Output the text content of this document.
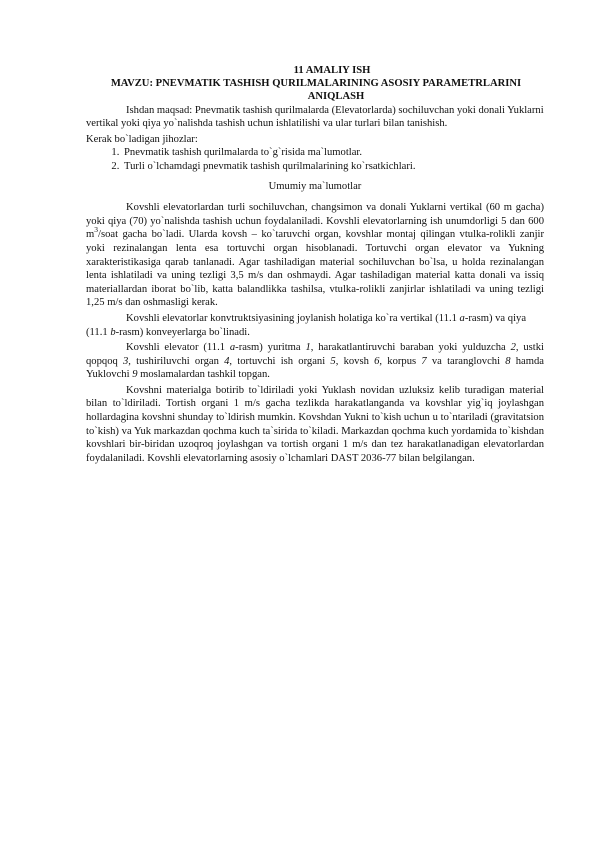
11 AMALIY ISH
MAVZU: PNEVMATIK TASHISH QURILMALARINING ASOSIY PARAMETRLARINI
ANIQLASH

Ishdan maqsad: Pnevmatik tashish qurilmalarda (Elevatorlarda) sochiluvchan yoki donali Yuklarni vertikal yoki qiya yo`nalishda tashish uchun ishlatilishi va ular turlari bilan tanishish.

Kerak bo`ladigan jihozlar:

1. Pnevmatik tashish qurilmalarda to`g`risida ma`lumotlar.
2. Turli o`lchamdagi pnevmatik tashish qurilmalarining ko`rsatkichlari.

Umumiy ma`lumotlar

Kovshli elevatorlardan turli sochiluvchan, changsimon va donali Yuklarni vertikal (60 m gacha) yoki qiya (70) yo`nalishda tashish uchun foydalaniladi. Kovshli elevatorlarning ish unumdorligi 5 dan 600 $m^3$/soat gacha bo`ladi. Ularda kovsh – ko`taruvchi organ, kovshlar montaj qilingan vtulka-rolikli zanjir yoki rezinalangan lenta esa tortuvchi organ hisoblanadi. Tortuvchi organ elevator va Yukning xarakteristikasiga qarab tanlanadi. Agar tashiladigan material sochiluvchan bo`lsa, u holda rezinalangan lenta ishlatiladi va uning tezligi 3,5 m/s dan oshmaydi. Agar tashiladigan material katta donali va issiq materiallardan iborat bo`lib, katta balandlikka tashilsa, vtulka-rolikli zanjirlar ishlatiladi va uning tezligi 1,25 m/s dan oshmasligi kerak.

Kovshli elevatorlar konvtruktsiyasining joylanish holatiga ko`ra vertikal (11.1 a-rasm) va qiya (11.1 b-rasm) konveyerlarga bo`linadi.

Kovshli elevator (11.1 a-rasm) yuritma 1, harakatlantiruvchi baraban yoki yulduzcha 2, ustki qopqoq 3, tushiriluvchi organ 4, tortuvchi ish organi 5, kovsh 6, korpus 7 va taranglovchi 8 hamda Yuklovchi 9 moslamalardan tashkil topgan.

Kovshni materialga botirib to`ldiriladi yoki Yuklash novidan uzluksiz kelib turadigan material bilan to`ldiriladi. Tortish organi 1 m/s gacha tezlikda harakatlanganda va kovshlar yig`iq joylashgan hollardagina kovshni shunday to`ldirish mumkin. Kovshdan Yukni to`kish uchun u to`ntariladi (gravitatsion to`kish) va Yuk markazdan qochma kuch ta`sirida to`kiladi. Markazdan qochma kuch yordamida to`kishdan kovshlari bir-biridan uzoqroq joylashgan va tortish organi 1 m/s dan tez harakatlanadigan elevatorlardan foydalaniladi. Kovshli elevatorlarning asosiy o`lchamlari DAST 2036-77 bilan belgilangan.
